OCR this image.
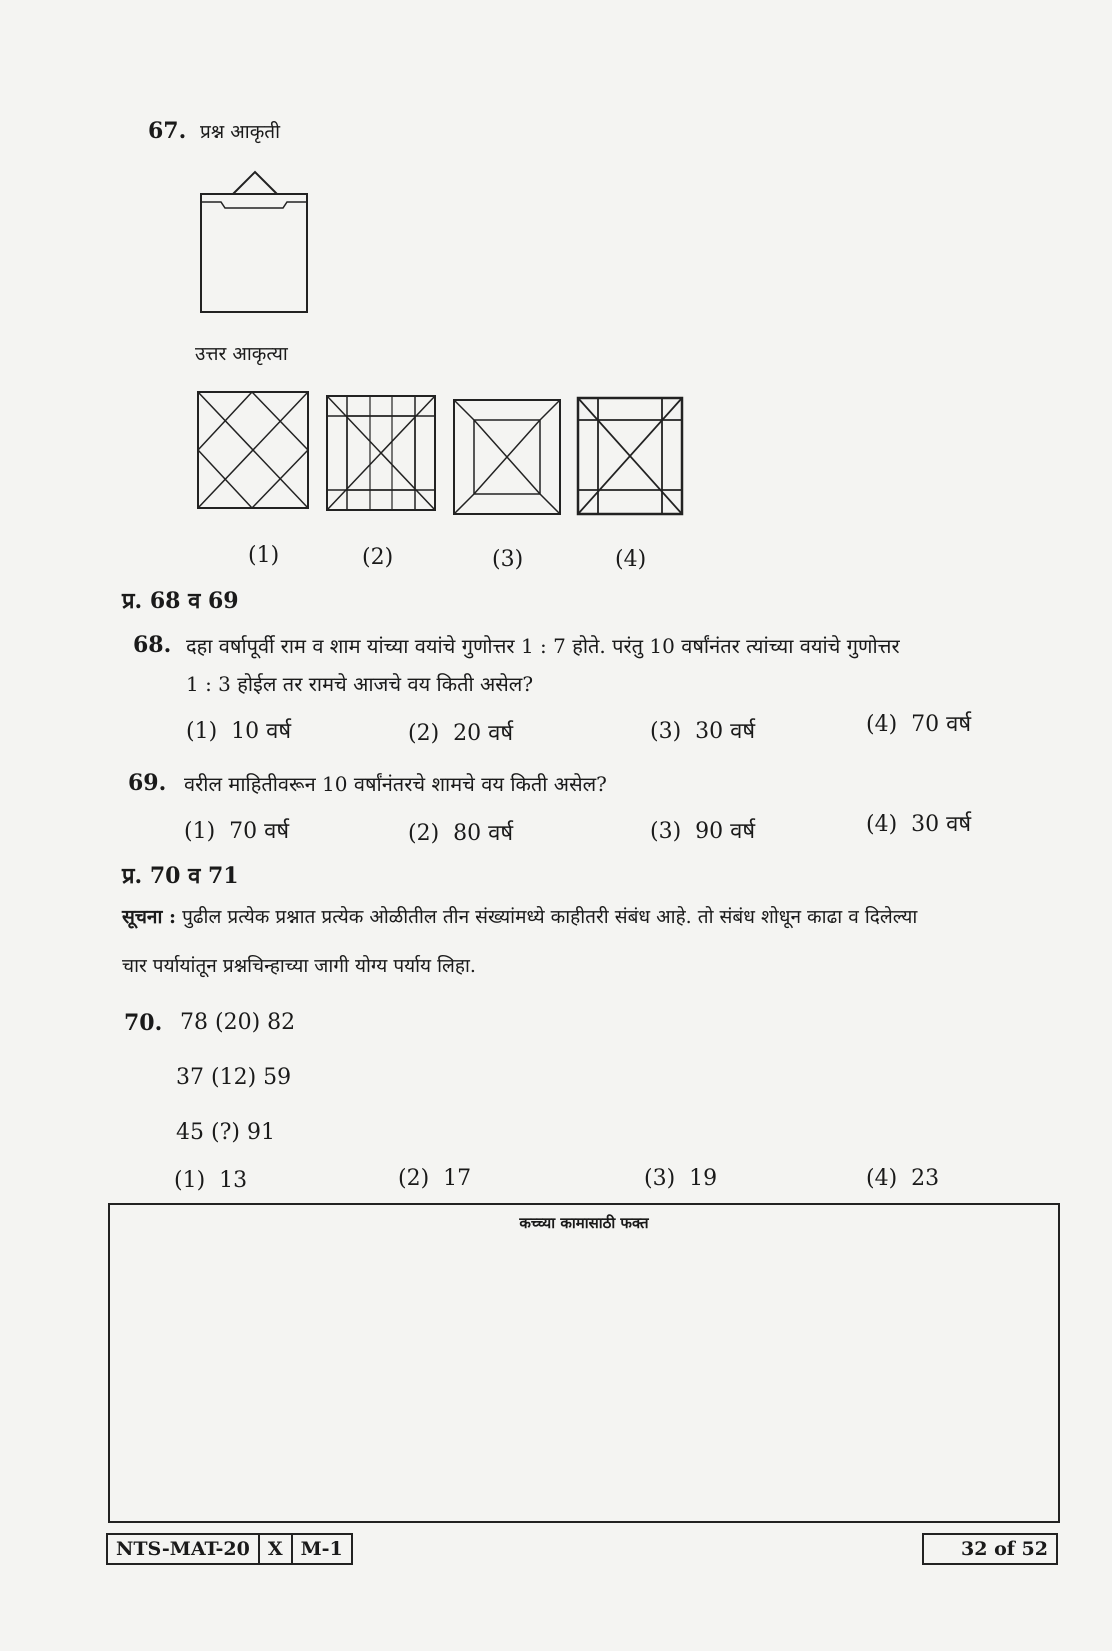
67. प्रश्न आकृती
उत्तर आकृत्या
(1)	(2)	(3)	(4)
प्र. 68 व 69
68. दहा वर्षापूर्वी राम व शाम यांच्या वयांचे गुणोत्तर 1 : 7 होते. परंतु 10 वर्षांनंतर त्यांच्या वयांचे गुणोत्तर
1 : 3 होईल तर रामचे आजचे वय किती असेल?
(1) 10 वर्ष	(2) 20 वर्ष	(3) 30 वर्ष	(4) 70 वर्ष
69. वरील माहितीवरून 10 वर्षांनंतरचे शामचे वय किती असेल?
(1) 70 वर्ष	(2) 80 वर्ष	(3) 90 वर्ष	(4) 30 वर्ष
प्र. 70 व 71
सूचना : पुढील प्रत्येक प्रश्नात प्रत्येक ओळीतील तीन संख्यांमध्ये काहीतरी संबंध आहे. तो संबंध शोधून काढा व दिलेल्या
चार पर्यायांतून प्रश्नचिन्हाच्या जागी योग्य पर्याय लिहा.
70. 78 (20) 82
37 (12) 59
45 (?) 91
(1) 13	(2) 17	(3) 19	(4) 23
कच्च्या कामासाठी फक्त
NTS-MAT-20 X M-1	32 of 52
